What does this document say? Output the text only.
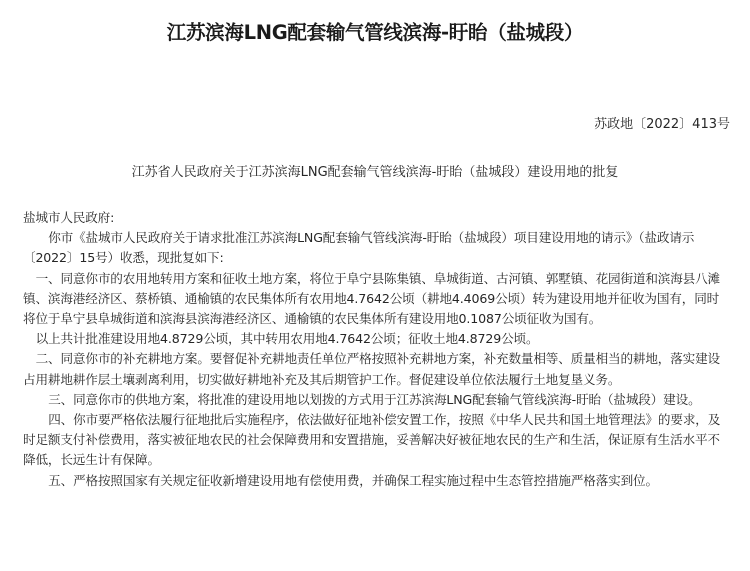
江苏滨海LNG配套输气管线滨海-盱眙（盐城段）
苏政地〔2022〕413号
江苏省人民政府关于江苏滨海LNG配套输气管线滨海-盱眙（盐城段）建设用地的批复

盐城市人民政府:

你市《盐城市人民政府关于请求批准江苏滨海LNG配套输气管线滨海-盱眙（盐城段）项目建设用地的请示》（盐政请示〔2022〕15号）收悉，现批复如下:

一、同意你市的农用地转用方案和征收土地方案，将位于阜宁县陈集镇、阜城街道、古河镇、郭墅镇、花园街道和滨海县八滩镇、滨海港经济区、蔡桥镇、通榆镇的农民集体所有农用地4.7642公顷（耕地4.4069公顷）转为建设用地并征收为国有，同时将位于阜宁县阜城街道和滨海县滨海港经济区、通榆镇的农民集体所有建设用地0.1087公顷征收为国有。

以上共计批准建设用地4.8729公顷，其中转用农用地4.7642公顷；征收土地4.8729公顷。

二、同意你市的补充耕地方案。要督促补充耕地责任单位严格按照补充耕地方案，补充数量相等、质量相当的耕地，落实建设占用耕地耕作层土壤剥离利用，切实做好耕地补充及其后期管护工作。督促建设单位依法履行土地复垦义务。

三、同意你市的供地方案，将批准的建设用地以划拨的方式用于江苏滨海LNG配套输气管线滨海-盱眙（盐城段）建设。

四、你市要严格依法履行征地批后实施程序，依法做好征地补偿安置工作，按照《中华人民共和国土地管理法》的要求，及时足额支付补偿费用，落实被征地农民的社会保障费用和安置措施，妥善解决好被征地农民的生产和生活，保证原有生活水平不降低，长远生计有保障。

五、严格按照国家有关规定征收新增建设用地有偿使用费，并确保工程实施过程中生态管控措施严格落实到位。
